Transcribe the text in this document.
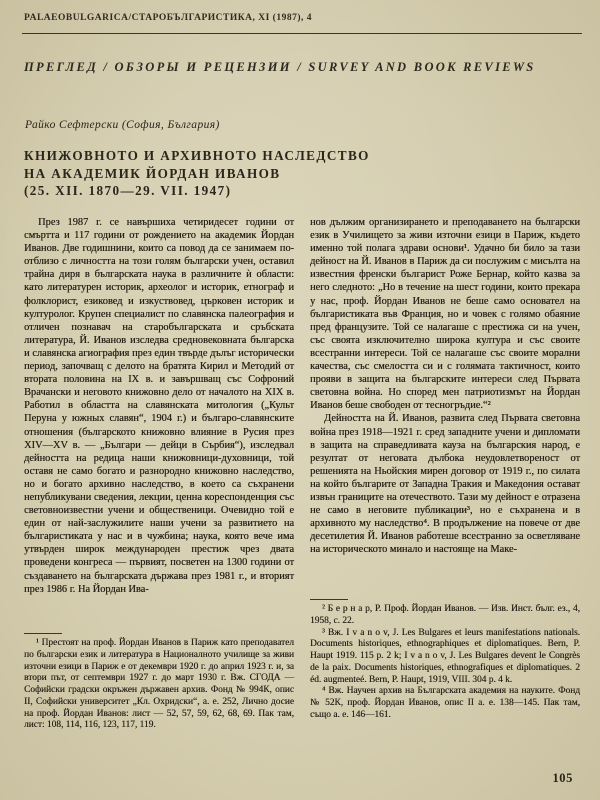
PALAEOBULGARICA/СТАРОБЪЛГАРИСТИКА, XI (1987), 4
ПРЕГЛЕД / ОБЗОРЫ И РЕЦЕНЗИИ / SURVEY AND BOOK REVIEWS
Райко Сефтерски (София, България)
КНИЖОВНОТО И АРХИВНОТО НАСЛЕДСТВО
НА АКАДЕМИК ЙОРДАН ИВАНОВ
(25. XII. 1870—29. VII. 1947)

През 1987 г. се навършиха четиридесет години от смъртта и 117 години от рождението на академик Йордан Иванов. Две годишнини, които са повод да се занимаем по-отблизо с личността на този голям български учен, оставил трайна диря в българската наука в различните ѝ области: като литературен историк, археолог и историк, етнограф и фолклорист, езиковед и изкуствовед, църковен историк и културолог. Крупен специалист по славянска палеография и отличен познавач на старобългарската и сръбската литература, Й. Иванов изследва средновековната българска и славянска агиография през един твърде дълъг исторически период, започващ с делото на братята Кирил и Методий от втората половина на IX в. и завършващ със Софроний Врачански и неговото книжовно дело от началото на XIX в. Работил в областта на славянската митология („Культ Перуна у южных славян“, 1904 г.) и българо-славянските отношения (българското книжовно влияние в Русия през XIV—XV в. — „Българи — дейци в Сърбия“), изследвал дейността на редица наши книжовници-духовници, той оставя не само богато и разнородно книжовно наследство, но и богато архивно наследство, в което са съхранени непубликувани сведения, лекции, ценна кореспонденция със световноизвестни учени и общественици. Очевидно той е един от най-заслужилите наши учени за развитието на българистиката у нас и в чужбина; наука, която вече има утвърден широк международен престиж чрез двата проведени конгреса — първият, посветен на 1300 години от създаването на българската държава през 1981 г., и вторият през 1986 г. На Йордан Ива-

¹ Престоят на проф. Йордан Иванов в Париж като преподавател по български език и литература в Националното училище за живи източни езици в Париж е от декември 1920 г. до април 1923 г. и, за втори път, от септември 1927 г. до март 1930 г. Вж. СГОДА — Софийски градски окръжен държавен архив. Фонд № 994К, опис II, Софийски университет „Кл. Охридски“, а. е. 252, Лично досие на проф. Йордан Иванов: лист — 52, 57, 59, 62, 68, 69. Пак там, лист: 108, 114, 116, 123, 117, 119.

нов дължим организирането и преподаването на български език в Училището за живи източни езици в Париж, където именно той полага здрави основи¹. Удачно би било за тази дейност на Й. Иванов в Париж да си послужим с мисълта на известния френски българист Роже Бернар, който казва за него следното: „Но в течение на шест години, които прекара у нас, проф. Йордан Иванов не беше само основател на българистиката във Франция, но и човек с голямо обаяние пред французите. Той се налагаше с престижа си на учен, със своята изключително широка култура и със своите всестранни интереси. Той се налагаше със своите морални качества, със смелостта си и с голямата тактичност, които прояви в защита на българските интереси след Първата световна война. Но според мен патриотизмът на Йордан Иванов беше свободен от тесногръдие.“²

Дейността на Й. Иванов, развита след Първата световна война през 1918—1921 г. сред западните учени и дипломати в защита на справедливата кауза на българския народ, е резултат от неговата дълбока неудовлетвореност от решенията на Ньойския мирен договор от 1919 г., по силата на който българите от Западна Тракия и Македония остават извън границите на отечеството. Тази му дейност е отразена не само в неговите публикации³, но е съхранена и в архивното му наследство⁴. В продължение на повече от две десетилетия Й. Иванов работеше всестранно за осветляване на историческото минало и настояще на Маке-

² Б е р н а р, Р. Проф. Йордан Иванов. — Изв. Инст. бълг. ез., 4, 1958, с. 22.

³ Вж. I v a n o v, J. Les Bulgares et leurs manifestations nationals. Documents historiques, ethnographiques et diplomatiques. Bern, P. Haupt 1919. 115 p. 2 k; I v a n o v, J. Les Bulgares devent le Congrès de la paix. Documents historiques, ethnografiques et diplomatiques. 2 éd. augmenteé. Bern, P. Haupt, 1919, VIII. 304 p. 4 k.

⁴ Вж. Научен архив на Българската академия на науките. Фонд № 52К, проф. Йордан Иванов, опис II а. е. 138—145. Пак там, също а. е. 146—161.

105
